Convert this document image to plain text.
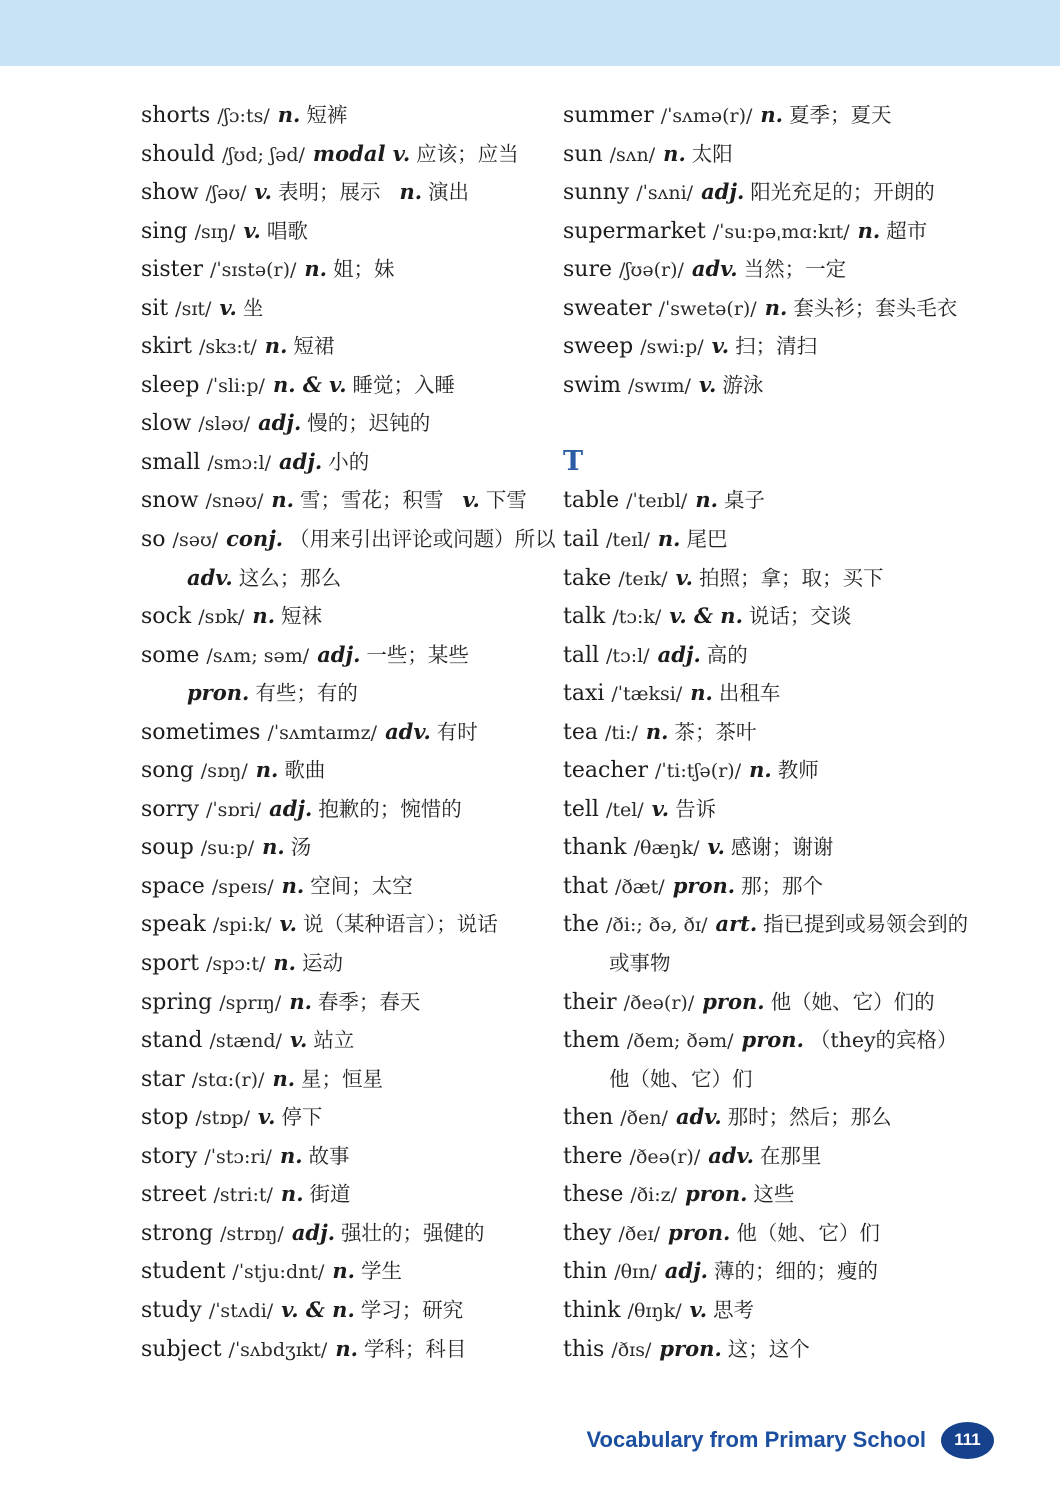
shorts /ʃɔ:ts/ n. 短裤
should /ʃʊd; ʃəd/ modal v. 应该；应当
show /ʃəʊ/ v. 表明；展示 n. 演出
sing /sɪŋ/ v. 唱歌
sister /ˈsɪstə(r)/ n. 姐；妹
sit /sɪt/ v. 坐
skirt /skɜ:t/ n. 短裙
sleep /ˈsli:p/ n. & v. 睡觉；入睡
slow /sləʊ/ adj. 慢的；迟钝的
small /smɔ:l/ adj. 小的
snow /snəʊ/ n. 雪；雪花；积雪 v. 下雪
so /səʊ/ conj. （用来引出评论或问题）所以
adv. 这么；那么
sock /sɒk/ n. 短袜
some /sʌm; səm/ adj. 一些；某些
pron. 有些；有的
sometimes /ˈsʌmtaɪmz/ adv. 有时
song /sɒŋ/ n. 歌曲
sorry /ˈsɒri/ adj. 抱歉的；惋惜的
soup /su:p/ n. 汤
space /speɪs/ n. 空间；太空
speak /spi:k/ v. 说（某种语言）；说话
sport /spɔ:t/ n. 运动
spring /sprɪŋ/ n. 春季；春天
stand /stænd/ v. 站立
star /stɑ:(r)/ n. 星；恒星
stop /stɒp/ v. 停下
story /ˈstɔ:ri/ n. 故事
street /stri:t/ n. 街道
strong /strɒŋ/ adj. 强壮的；强健的
student /ˈstju:dnt/ n. 学生
study /ˈstʌdi/ v. & n. 学习；研究
subject /ˈsʌbdʒɪkt/ n. 学科；科目
summer /ˈsʌmə(r)/ n. 夏季；夏天
sun /sʌn/ n. 太阳
sunny /ˈsʌni/ adj. 阳光充足的；开朗的
supermarket /ˈsu:pəˌmɑ:kɪt/ n. 超市
sure /ʃʊə(r)/ adv. 当然；一定
sweater /ˈswetə(r)/ n. 套头衫；套头毛衣
sweep /swi:p/ v. 扫；清扫
swim /swɪm/ v. 游泳
T
table /ˈteɪbl/ n. 桌子
tail /teɪl/ n. 尾巴
take /teɪk/ v. 拍照；拿；取；买下
talk /tɔ:k/ v. & n. 说话；交谈
tall /tɔ:l/ adj. 高的
taxi /ˈtæksi/ n. 出租车
tea /ti:/ n. 茶；茶叶
teacher /ˈti:tʃə(r)/ n. 教师
tell /tel/ v. 告诉
thank /θæŋk/ v. 感谢；谢谢
that /ðæt/ pron. 那；那个
the /ði:; ðə, ðɪ/ art. 指已提到或易领会到的
或事物
their /ðeə(r)/ pron. 他（她、它）们的
them /ðem; ðəm/ pron. （they的宾格）
他（她、它）们
then /ðen/ adv. 那时；然后；那么
there /ðeə(r)/ adv. 在那里
these /ði:z/ pron. 这些
they /ðeɪ/ pron. 他（她、它）们
thin /θɪn/ adj. 薄的；细的；瘦的
think /θɪŋk/ v. 思考
this /ðɪs/ pron. 这；这个
Vocabulary from Primary School	111
